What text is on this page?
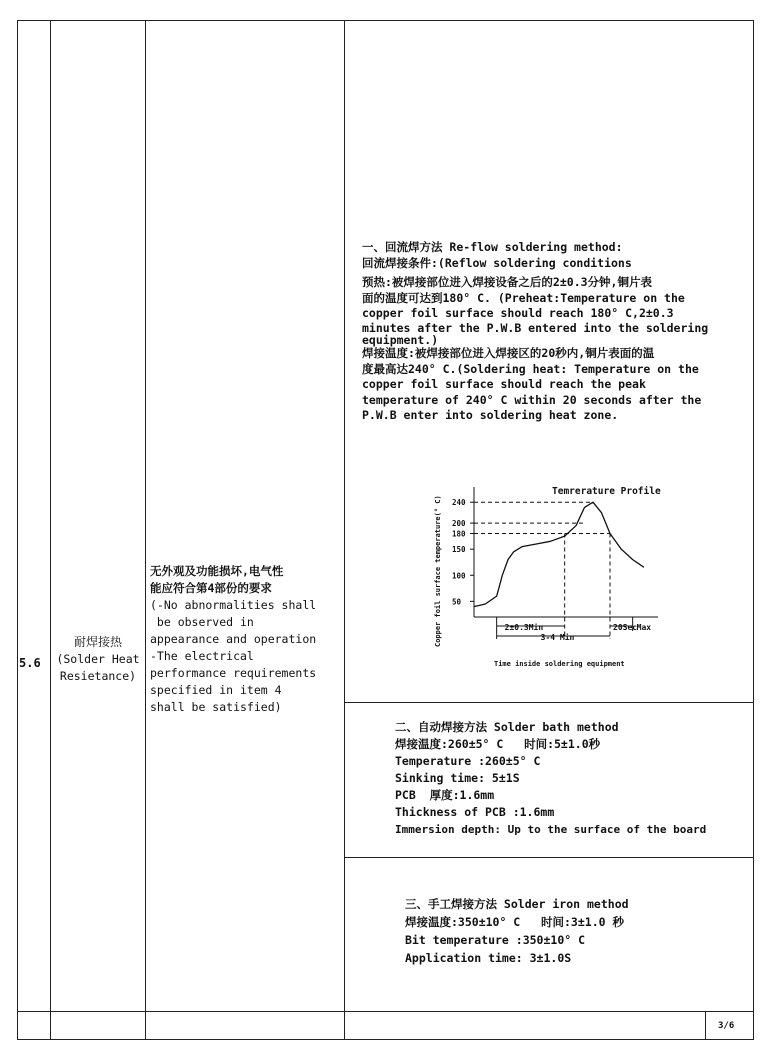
5.6
耐焊接热
(Solder Heat
Resietance)
无外观及功能损坏,电气性
能应符合第4部份的要求
(-No abnormalities shall
be observed in
appearance and operation
-The electrical
performance requirements
specified in item 4
shall be satisfied)
一、回流焊方法 Re-flow soldering method:
回流焊接条件:(Reflow soldering conditions
预热:被焊接部位进入焊接设备之后的2±0.3分钟,铜片表
面的温度可达到180° C. (Preheat:Temperature on the
copper foil surface should reach 180° C,2±0.3
minutes after the P.W.B entered into the soldering
equipment.)
焊接温度:被焊接部位进入焊接区的20秒内,铜片表面的温
度最高达240° C.(Soldering heat: Temperature on the
copper foil surface should reach the peak
temperature of 240° C within 20 seconds after the
P.W.B enter into soldering heat zone.
Temrerature Profile
Copper foil surface temperature(° C)
Time inside soldering equipment
50
100
150
180
200
240
2±0.3Min
3-4 Min
20Sec Max
二、自动焊接方法 Solder bath method
焊接温度:260±5° C   时间:5±1.0秒
Temperature :260±5° C
Sinking time: 5±1S
PCB  厚度:1.6mm
Thickness of PCB :1.6mm
Immersion depth: Up to the surface of the board
三、手工焊接方法 Solder iron method
焊接温度:350±10° C   时间:3±1.0 秒
Bit temperature :350±10° C
Application time: 3±1.0S
3/6
